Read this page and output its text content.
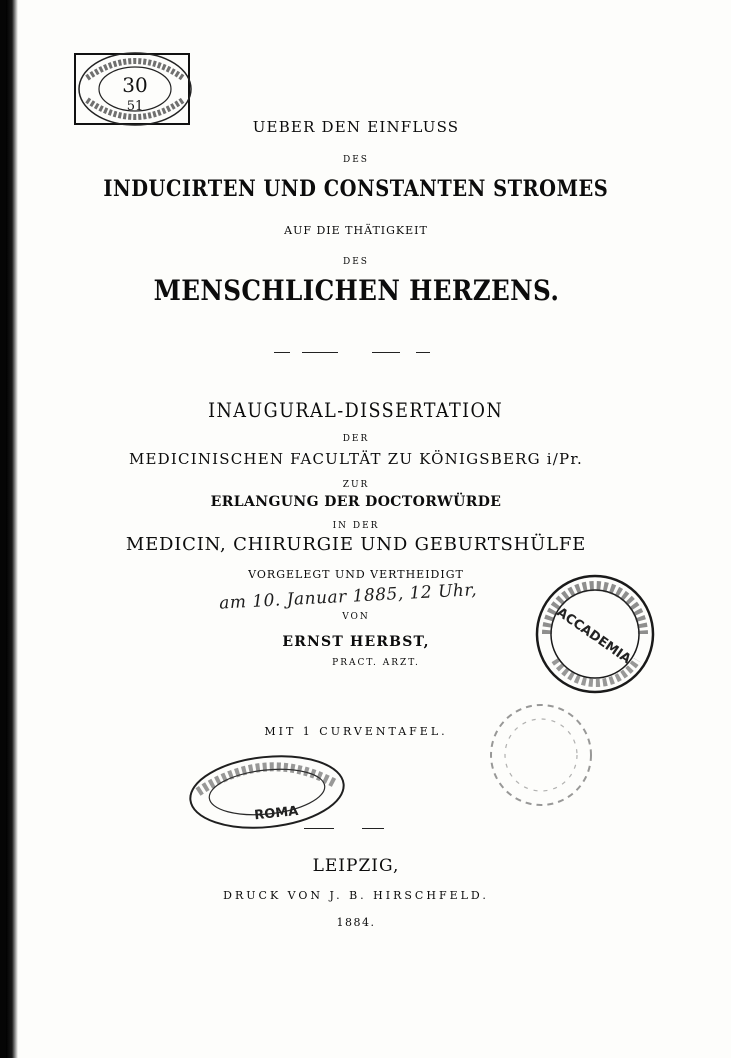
30
51
UEBER DEN EINFLUSS
DES
INDUCIRTEN UND CONSTANTEN STROMES
AUF DIE THÄTIGKEIT
DES
MENSCHLICHEN HERZENS.
INAUGURAL-DISSERTATION
DER
MEDICINISCHEN FACULTÄT ZU KÖNIGSBERG i/Pr.
ZUR
ERLANGUNG DER DOCTORWÜRDE
IN DER
MEDICIN, CHIRURGIE UND GEBURTSHÜLFE
VORGELEGT UND VERTHEIDIGT
am 10. Januar 1885, 12 Uhr,
VON
ERNST HERBST,
PRACT. ARZT.	ACCADEMIA
MIT 1 CURVENTAFEL.
ROMA
LEIPZIG,
DRUCK VON J. B. HIRSCHFELD.
1884.
